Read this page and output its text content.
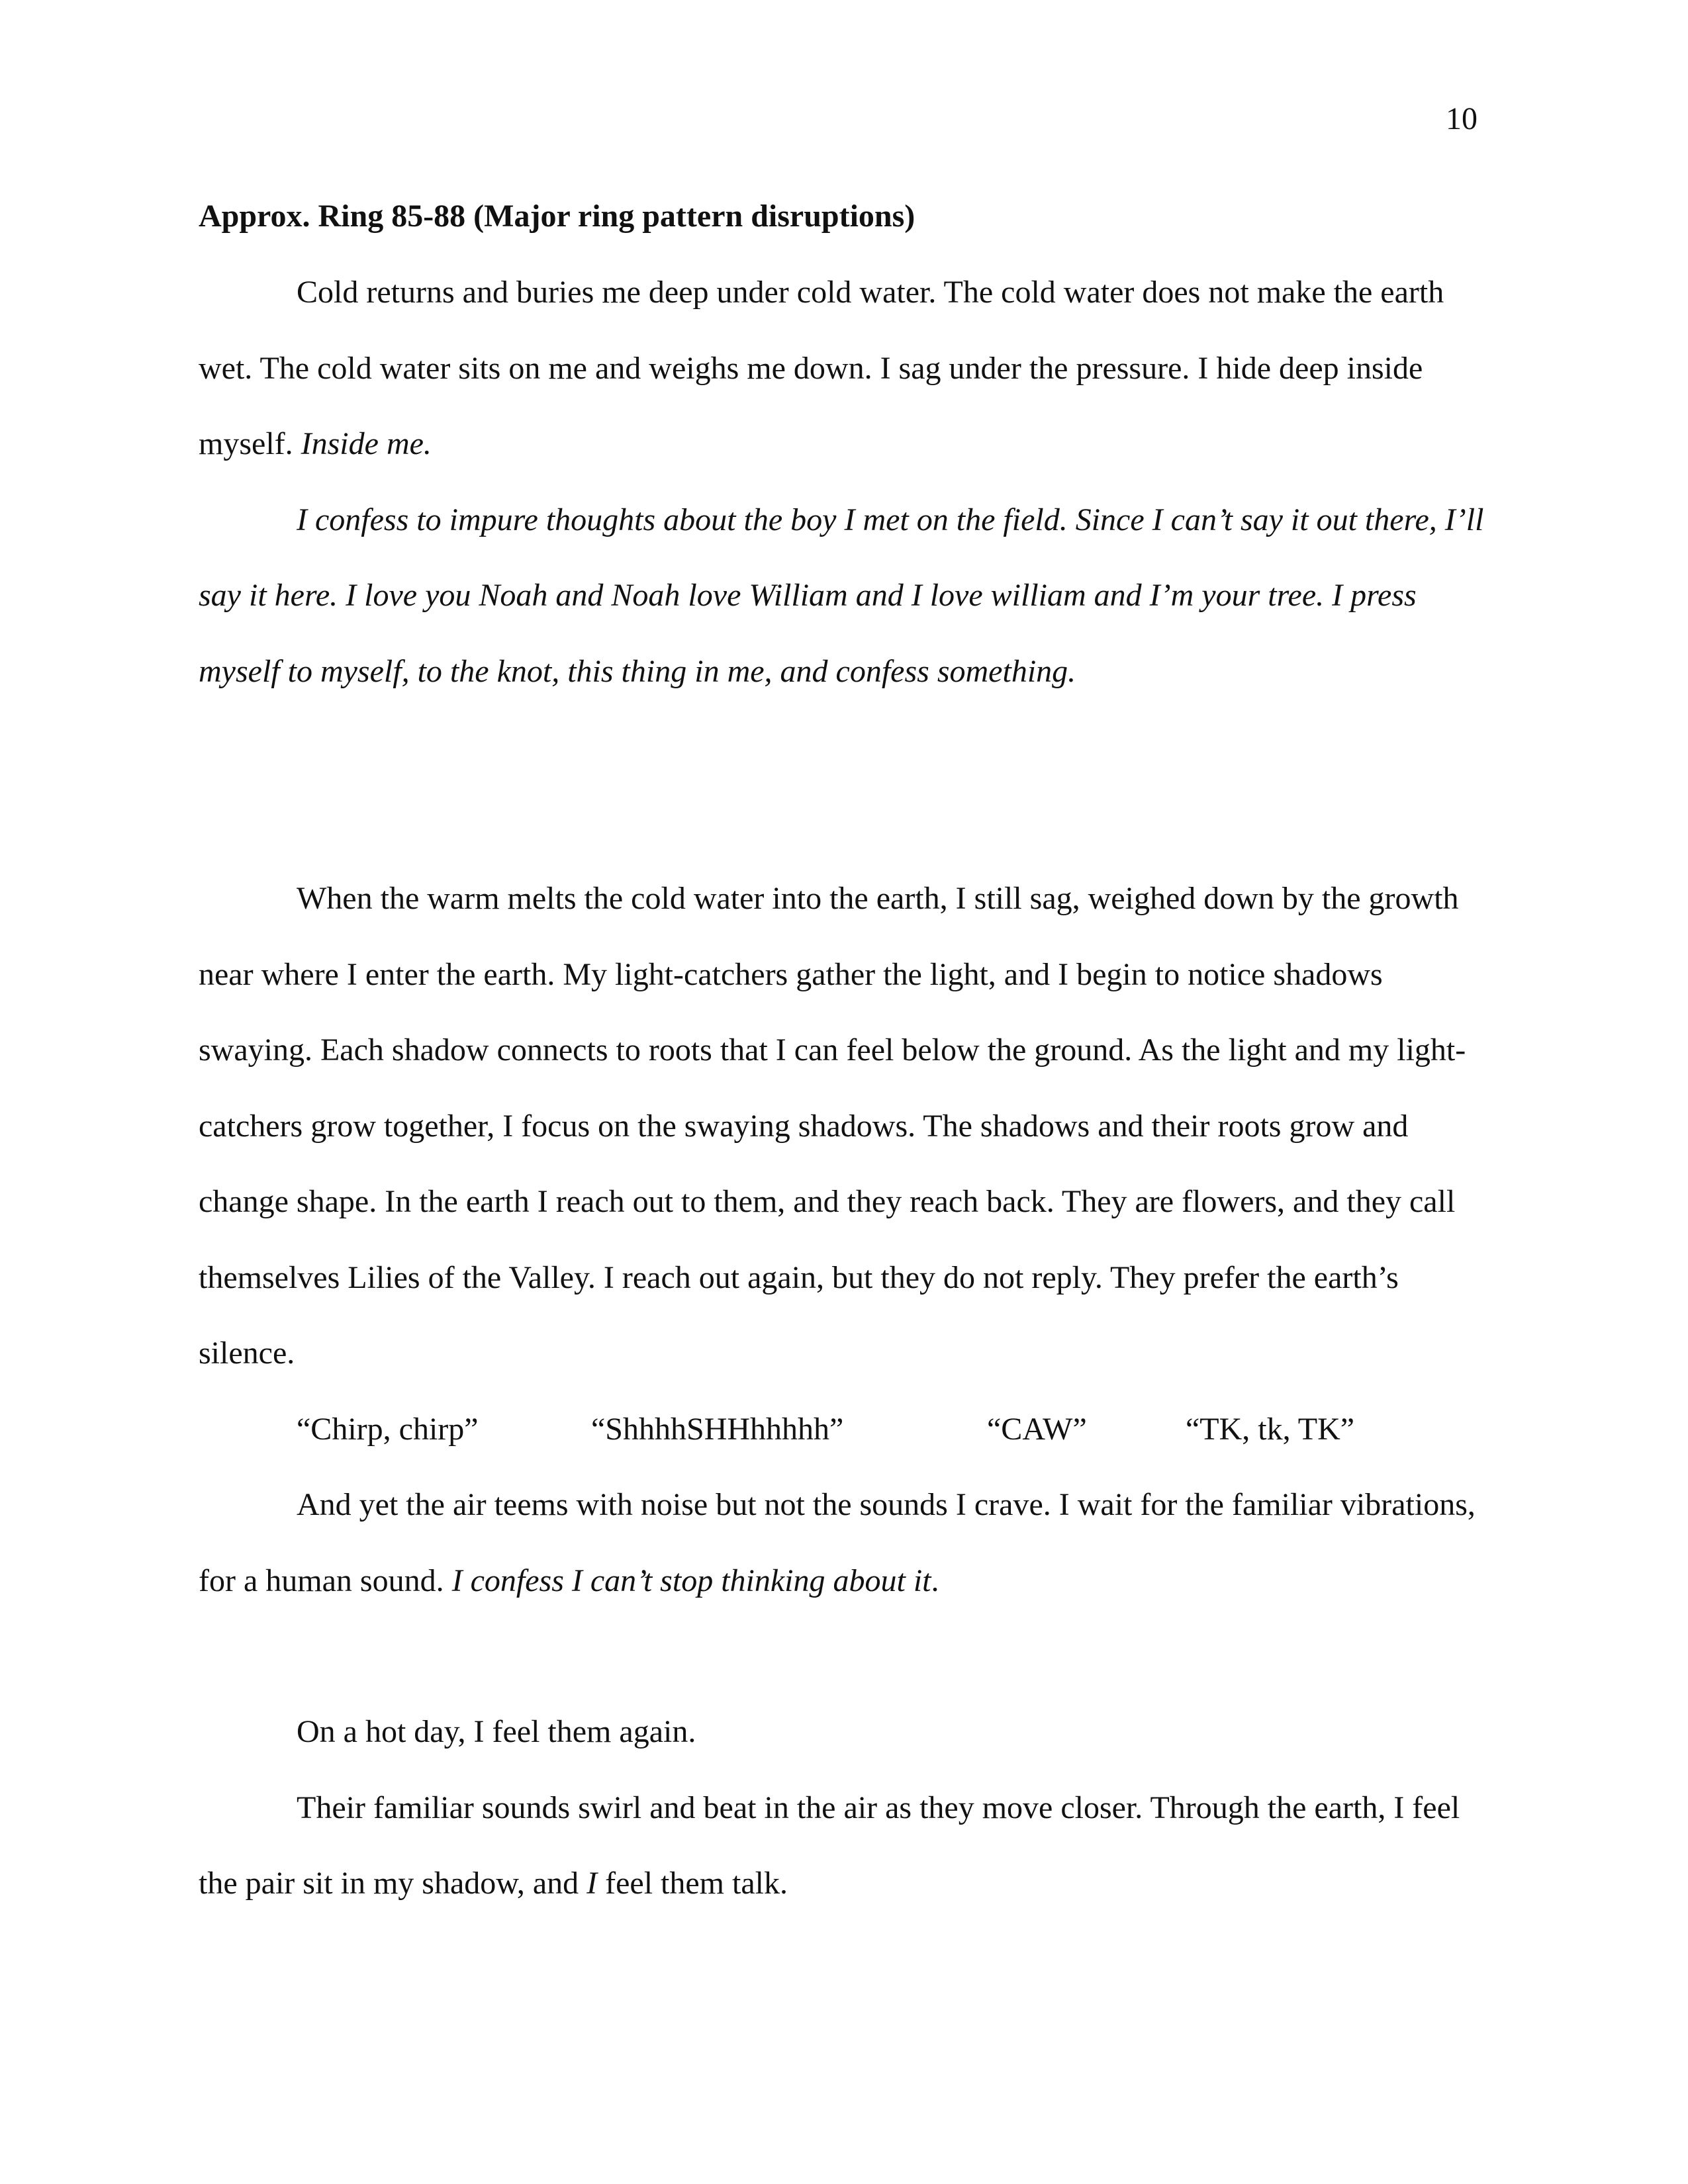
10
Approx. Ring 85-88 (Major ring pattern disruptions)

Cold returns and buries me deep under cold water. The cold water does not make the earth wet. The cold water sits on me and weighs me down. I sag under the pressure. I hide deep inside myself. Inside me.

I confess to impure thoughts about the boy I met on the field. Since I can’t say it out there, I’ll say it here. I love you Noah and Noah love William and I love william and I’m your tree. I press myself to myself, to the knot, this thing in me, and confess something.

When the warm melts the cold water into the earth, I still sag, weighed down by the growth near where I enter the earth. My light-catchers gather the light, and I begin to notice shadows swaying. Each shadow connects to roots that I can feel below the ground. As the light and my light-catchers grow together, I focus on the swaying shadows. The shadows and their roots grow and change shape. In the earth I reach out to them, and they reach back. They are flowers, and they call themselves Lilies of the Valley. I reach out again, but they do not reply. They prefer the earth’s silence.

“Chirp, chirp”	“ShhhhSHHhhhhh”	“CAW”	“TK, tk, TK”

And yet the air teems with noise but not the sounds I crave. I wait for the familiar vibrations, for a human sound. I confess I can’t stop thinking about it.

On a hot day, I feel them again.

Their familiar sounds swirl and beat in the air as they move closer. Through the earth, I feel the pair sit in my shadow, and I feel them talk.
